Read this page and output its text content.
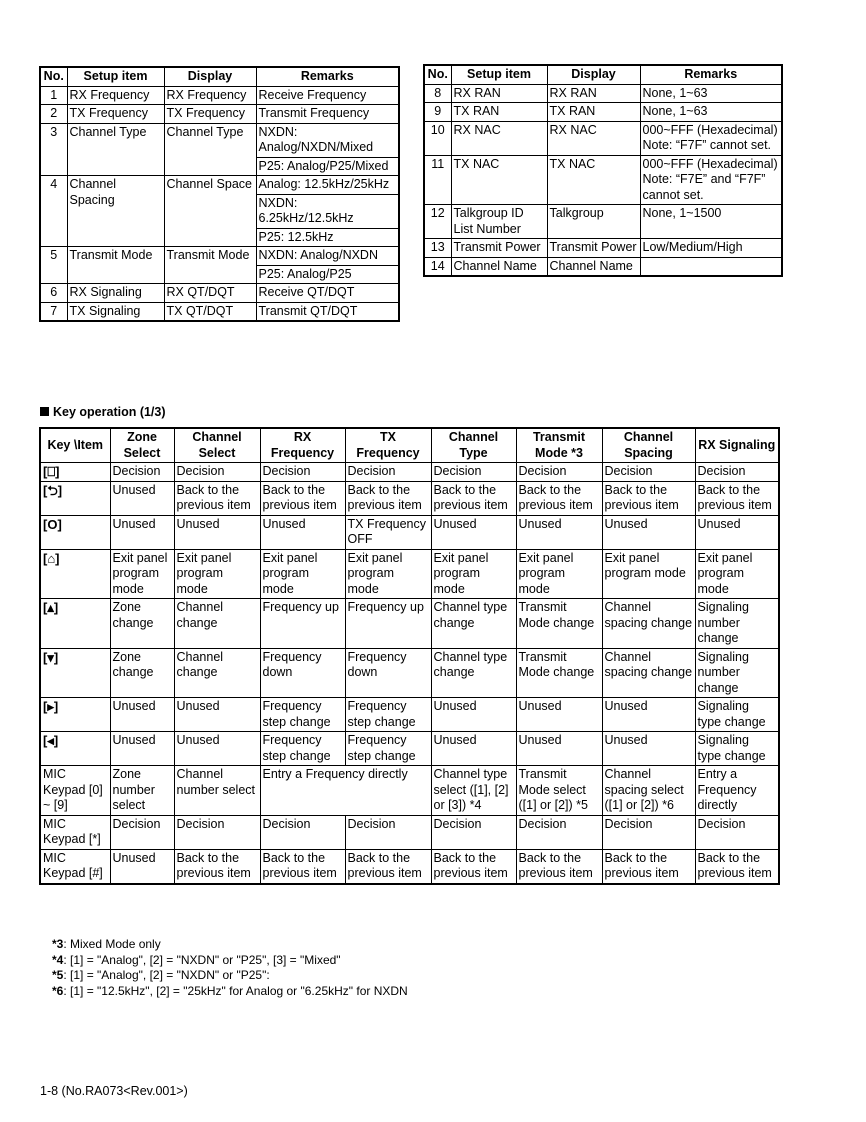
No.	Setup item	Display	Remarks
1	RX Frequency	RX Frequency	Receive Frequency
2	TX Frequency	TX Frequency	Transmit Frequency
3	Channel Type	Channel Type	NXDN: Analog/NXDN/Mixed
P25: Analog/P25/Mixed

4	Channel Spacing	Channel Space	Analog: 12.5kHz/25kHz
NXDN: 6.25kHz/12.5kHz
P25: 12.5kHz

5	Transmit Mode	Transmit Mode	NXDN: Analog/NXDN
P25: Analog/P25

6	RX Signaling	RX QT/DQT	Receive QT/DQT
7	TX Signaling	TX QT/DQT	Transmit QT/DQT
No.	Setup item	Display	Remarks
8	RX RAN	RX RAN	None, 1~63
9	TX RAN	TX RAN	None, 1~63
10	RX NAC	RX NAC	000~FFF (Hexadecimal) Note: “F7F” cannot set.
11	TX NAC	TX NAC	000~FFF (Hexadecimal) Note: “F7E” and “F7F” cannot set.
12	Talkgroup ID List Number	Talkgroup	None, 1~1500
13	Transmit Power	Transmit Power	Low/Medium/High
14	Channel Name	Channel Name	
Key operation (1/3)
Key \Item	Zone Select	Channel Select	RX Frequency	TX Frequency	Channel Type	Transmit Mode *3	Channel Spacing	RX Signaling
[⎕]	Decision	Decision	Decision	Decision	Decision	Decision	Decision	Decision
[⮌]	Unused	Back to the previous item	Back to the previous item	Back to the previous item	Back to the previous item	Back to the previous item	Back to the previous item	Back to the previous item
[O]	Unused	Unused	Unused	TX Frequency OFF	Unused	Unused	Unused	Unused
[⌂]	Exit panel program mode	Exit panel program mode	Exit panel program mode	Exit panel program mode	Exit panel program mode	Exit panel program mode	Exit panel program mode	Exit panel program mode
[▴]	Zone change	Channel change	Frequency up	Frequency up	Channel type change	Transmit Mode change	Channel spacing change	Signaling number change
[▾]	Zone change	Channel change	Frequency down	Frequency down	Channel type change	Transmit Mode change	Channel spacing change	Signaling number change
[▸]	Unused	Unused	Frequency step change	Frequency step change	Unused	Unused	Unused	Signaling type change
[◂]	Unused	Unused	Frequency step change	Frequency step change	Unused	Unused	Unused	Signaling type change
MIC Keypad [0] ~ [9]	Zone number select	Channel number select	Entry a Frequency directly		Channel type select ([1], [2] or [3]) *4	Transmit Mode select ([1] or [2]) *5	Channel spacing select ([1] or [2]) *6	Entry a Frequency directly
MIC Keypad [*]	Decision	Decision	Decision	Decision	Decision	Decision	Decision	Decision
MIC Keypad [#]	Unused	Back to the previous item	Back to the previous item	Back to the previous item	Back to the previous item	Back to the previous item	Back to the previous item	Back to the previous item
*3: Mixed Mode only
*4: [1] = "Analog", [2] = "NXDN" or "P25", [3] = "Mixed"
*5: [1] = "Analog", [2] = "NXDN" or "P25":
*6: [1] = "12.5kHz", [2] = "25kHz" for Analog or "6.25kHz" for NXDN
1-8 (No.RA073<Rev.001>)
